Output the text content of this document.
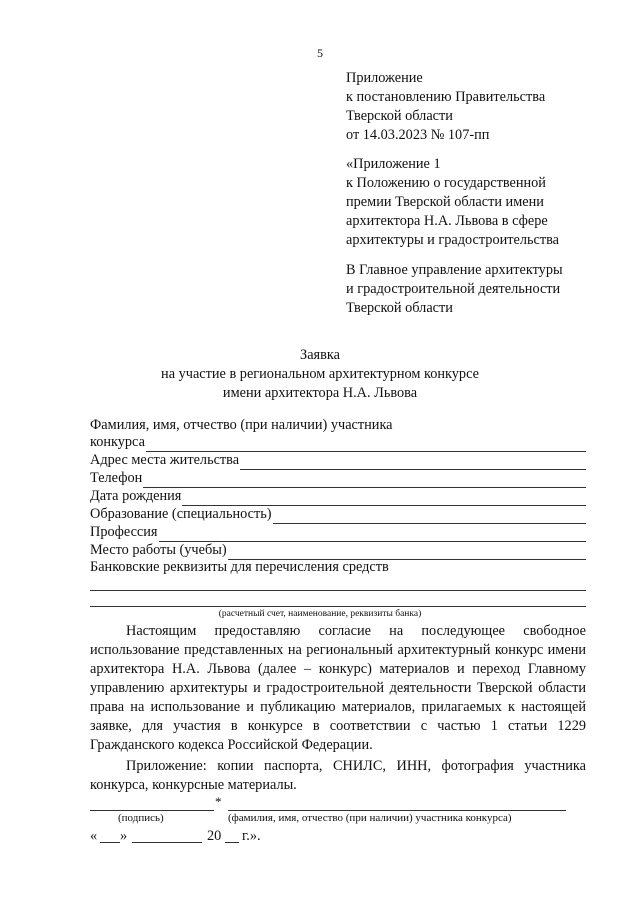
5
Приложение
к постановлению Правительства
Тверской области
от 14.03.2023 № 107-пп
«Приложение 1
к Положению о государственной
премии Тверской области имени
архитектора Н.А. Львова в сфере
архитектуры и градостроительства
В Главное управление архитектуры
и градостроительной деятельности
Тверской области
Заявка
на участие в региональном архитектурном конкурсе
имени архитектора Н.А. Львова
Фамилия, имя, отчество (при наличии) участника
конкурса
Адрес места жительства
Телефон
Дата рождения
Образование (специальность)
Профессия
Место работы (учебы)
Банковские реквизиты для перечисления средств
(расчетный счет, наименование, реквизиты банка)

Настоящим предоставляю согласие на последующее свободное использование представленных на региональный архитектурный конкурс имени архитектора Н.А. Львова (далее – конкурс) материалов и переход Главному управлению архитектуры и градостроительной деятельности Тверской области права на использование и публикацию материалов, прилагаемых к настоящей заявке, для участия в конкурсе в соответствии с частью 1 статьи 1229 Гражданского кодекса Российской Федерации.

Приложение: копии паспорта, СНИЛС, ИНН, фотография участника конкурса, конкурсные материалы.

*
(подпись)	(фамилия, имя, отчество (при наличии) участника конкурса)
« »	20 г.».
